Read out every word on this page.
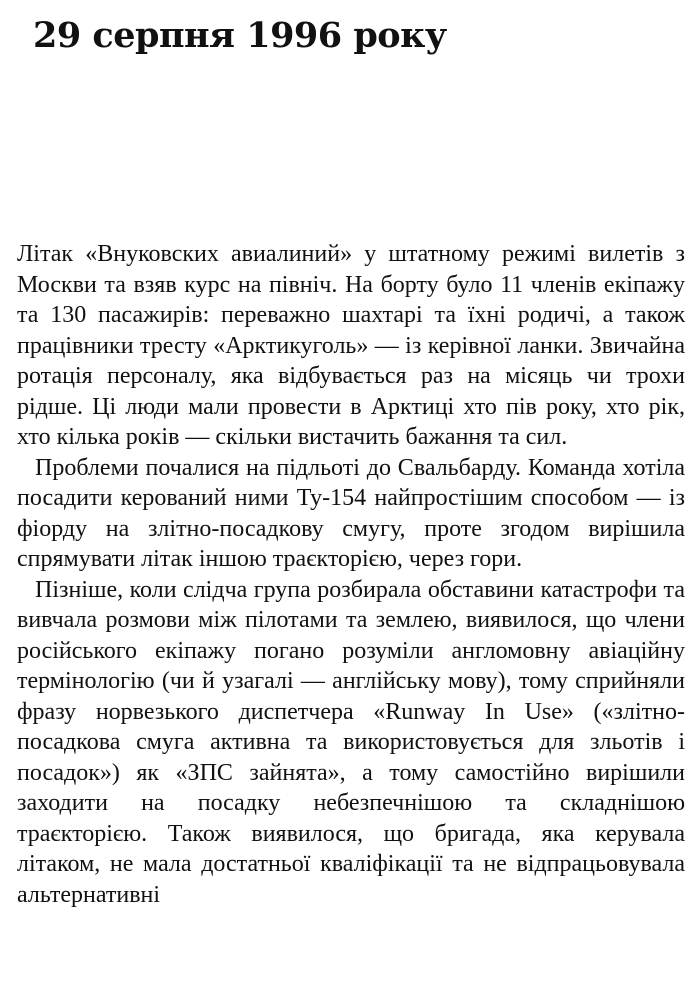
29 серпня 1996 року

Літак «Внуковских авиалиний» у штатному режимі вилетів з Москви та взяв курс на північ. На борту було 11 членів екіпажу та 130 пасажирів: переважно шахтарі та їхні родичі, а також працівники тресту «Арктикуголь» — із керівної ланки. Звичайна ротація персоналу, яка відбувається раз на місяць чи трохи рідше. Ці люди мали провести в Арктиці хто пів року, хто рік, хто кілька років — скільки вистачить бажання та сил.

Проблеми почалися на підльоті до Свальбарду. Команда хотіла посадити керований ними Ту-154 найпростішим способом — із фіорду на злітно-посадкову смугу, проте згодом вирішила спрямувати літак іншою траєкторією, через гори.

Пізніше, коли слідча група розбирала обставини катастрофи та вивчала розмови між пілотами та землею, виявилося, що члени російського екіпажу погано розуміли англомовну авіаційну термінологію (чи й узагалі — англійську мову), тому сприйняли фразу норвезького диспетчера «Runway In Use» («злітно-посадкова смуга активна та використовується для зльотів і посадок») як «ЗПС зайнята», а тому самостійно вирішили заходити на посадку небезпечнішою та складнішою траєкторією. Також виявилося, що бригада, яка керувала літаком, не мала достатньої кваліфікації та не відпрацьовувала альтернативні
